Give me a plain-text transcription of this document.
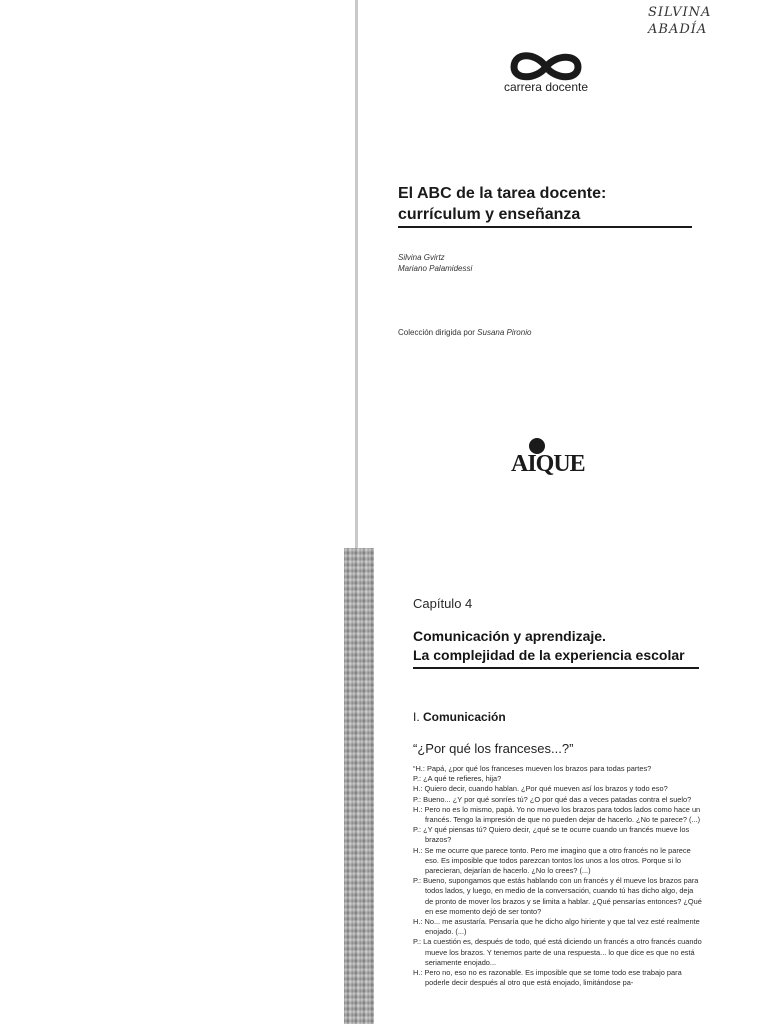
SILVINA
ABADÍA
carrera docente
El ABC de la tarea docente:
currículum y enseñanza
Silvina Gvirtz
Mariano Palamidessi
Colección dirigida por Susana Pironio
AIQUE
Capítulo 4
Comunicación y aprendizaje.
La complejidad de la experiencia escolar
I. Comunicación
“¿Por qué los franceses...?”

“H.: Papá, ¿por qué los franceses mueven los brazos para todas partes?

P.: ¿A qué te refieres, hija?

H.: Quiero decir, cuando hablan. ¿Por qué mueven así los brazos y todo eso?

P.: Bueno... ¿Y por qué sonríes tú? ¿O por qué das a veces patadas contra el suelo?

H.: Pero no es lo mismo, papá. Yo no muevo los brazos para todos lados como hace un francés. Tengo la impresión de que no pueden dejar de hacerlo. ¿No te parece? (...)

P.: ¿Y qué piensas tú? Quiero decir, ¿qué se te ocurre cuando un francés mueve los brazos?

H.: Se me ocurre que parece tonto. Pero me imagino que a otro francés no le parece eso. Es imposible que todos parezcan tontos los unos a los otros. Porque si lo parecieran, dejarían de hacerlo. ¿No lo crees? (...)

P.: Bueno, supongamos que estás hablando con un francés y él mueve los brazos para todos lados, y luego, en medio de la conversación, cuando tú has dicho algo, deja de pronto de mover los brazos y se limita a hablar. ¿Qué pensarías entonces? ¿Qué en ese momento dejó de ser tonto?

H.: No... me asustaría. Pensaría que he dicho algo hiriente y que tal vez esté realmente enojado. (...)

P.: La cuestión es, después de todo, qué está diciendo un francés a otro francés cuando mueve los brazos. Y tenemos parte de una respuesta... lo que dice es que no está seriamente enojado...

H.: Pero no, eso no es razonable. Es imposible que se tome todo ese trabajo para poderle decir después al otro que está enojado, limitándose pa-
